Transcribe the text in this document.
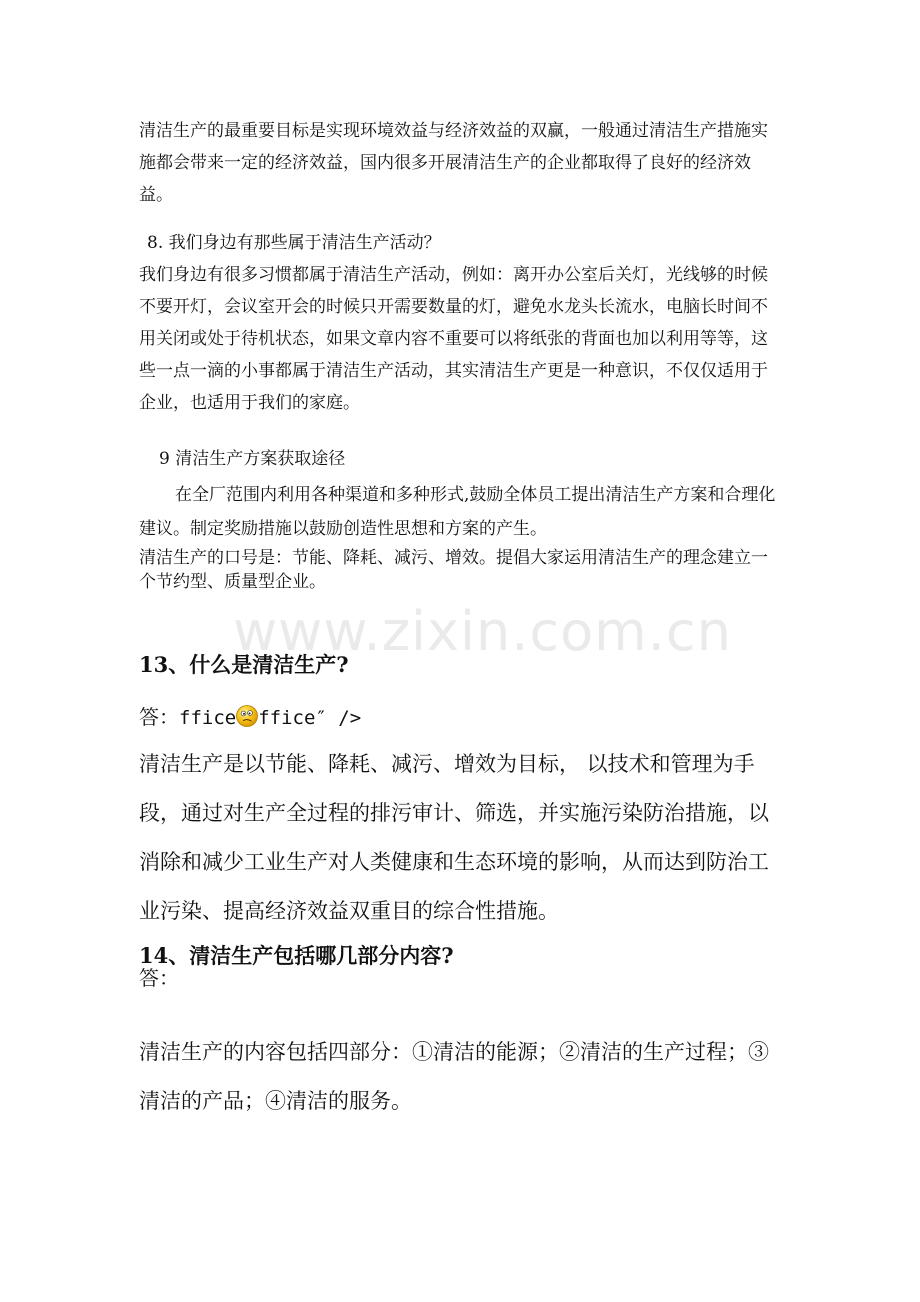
清洁生产的最重要目标是实现环境效益与经济效益的双赢，一般通过清洁生产措施实施都会带来一定的经济效益，国内很多开展清洁生产的企业都取得了良好的经济效益。

8. 我们身边有那些属于清洁生产活动？

我们身边有很多习惯都属于清洁生产活动，例如：离开办公室后关灯，光线够的时候不要开灯，会议室开会的时候只开需要数量的灯，避免水龙头长流水，电脑长时间不用关闭或处于待机状态，如果文章内容不重要可以将纸张的背面也加以利用等等，这些一点一滴的小事都属于清洁生产活动，其实清洁生产更是一种意识，不仅仅适用于企业，也适用于我们的家庭。

9 清洁生产方案获取途径

在全厂范围内利用各种渠道和多种形式,鼓励全体员工提出清洁生产方案和合理化建议。制定奖励措施以鼓励创造性思想和方案的产生。

清洁生产的口号是：节能、降耗、减污、增效。提倡大家运用清洁生产的理念建立一个节约型、质量型企业。

www.zixin.com.cn

13、什么是清洁生产?

答：ffice ffice″ />

清洁生产是以节能、降耗、减污、增效为目标， 以技术和管理为手段，通过对生产全过程的排污审计、筛选，并实施污染防治措施，以消除和减少工业生产对人类健康和生态环境的影响，从而达到防治工业污染、提高经济效益双重目的综合性措施。

14、清洁生产包括哪几部分内容?

答：

清洁生产的内容包括四部分：①清洁的能源；②清洁的生产过程；③清洁的产品；④清洁的服务。
